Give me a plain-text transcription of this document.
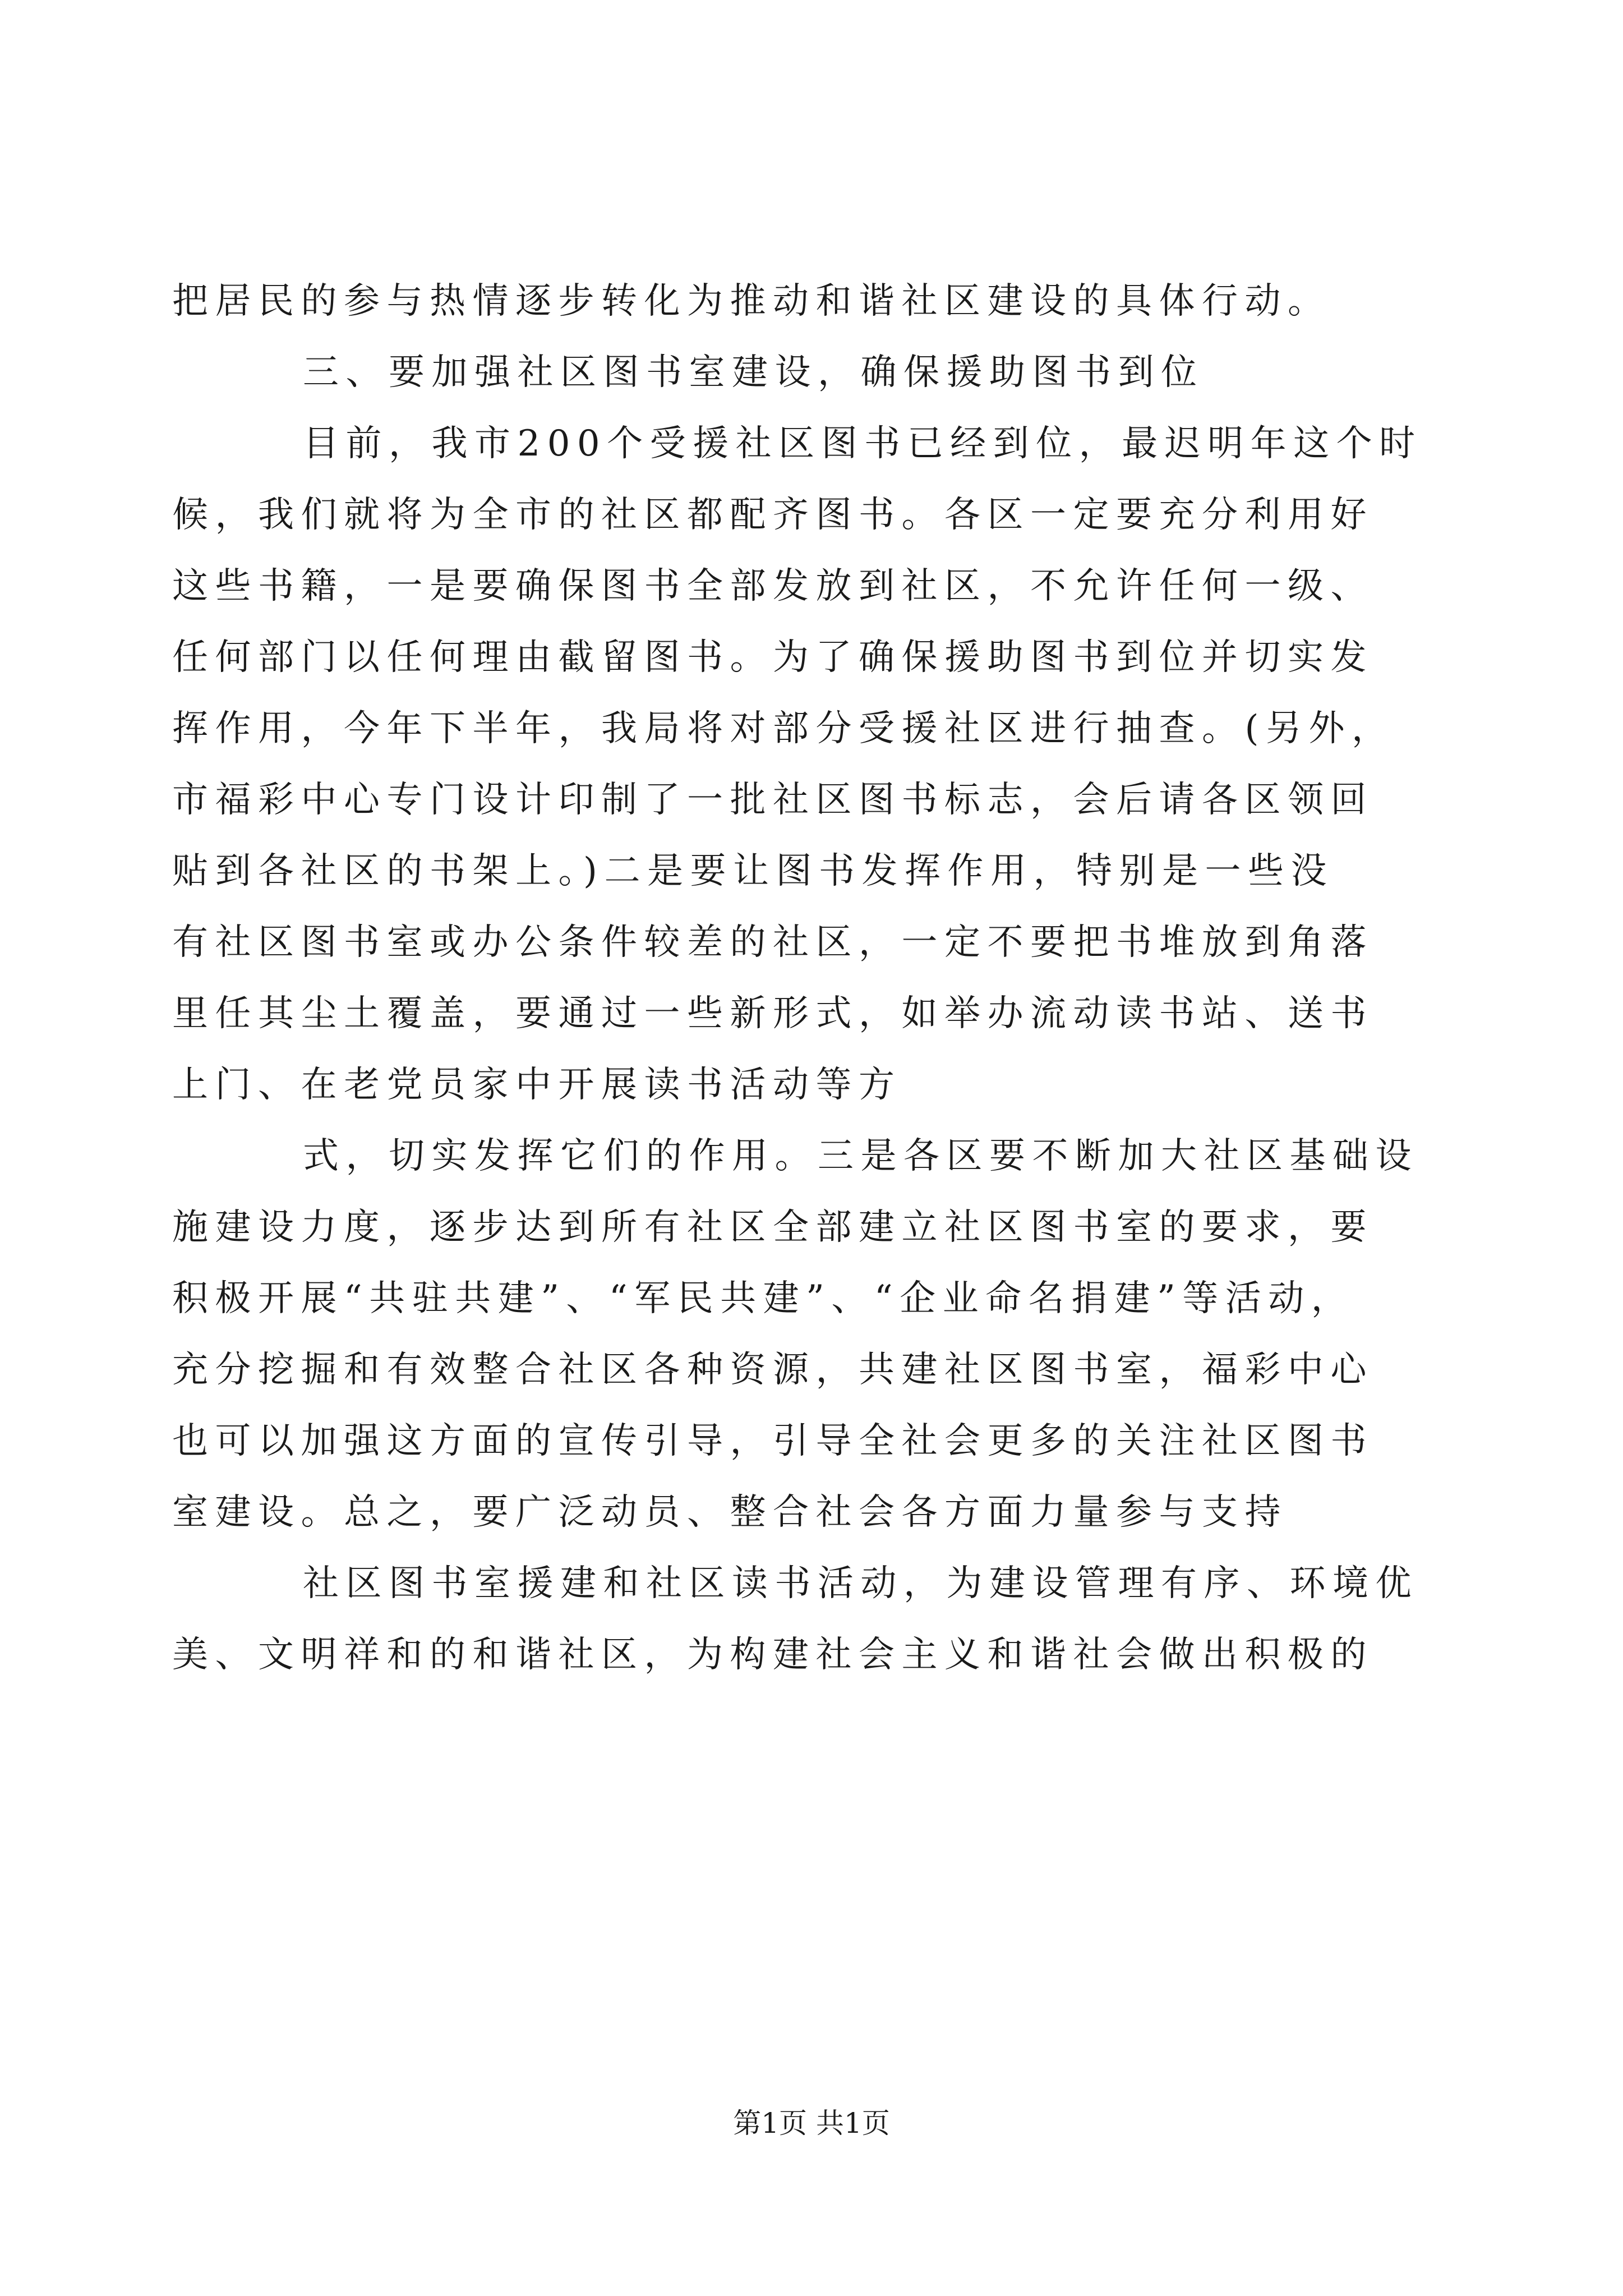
把居民的参与热情逐步转化为推动和谐社区建设的具体行动。
三、要加强社区图书室建设，确保援助图书到位
目前，我市200个受援社区图书已经到位，最迟明年这个时
候，我们就将为全市的社区都配齐图书。各区一定要充分利用好
这些书籍，一是要确保图书全部发放到社区，不允许任何一级、
任何部门以任何理由截留图书。为了确保援助图书到位并切实发
挥作用，今年下半年，我局将对部分受援社区进行抽查。(另外，
市福彩中心专门设计印制了一批社区图书标志，会后请各区领回
贴到各社区的书架上。)二是要让图书发挥作用，特别是一些没
有社区图书室或办公条件较差的社区，一定不要把书堆放到角落
里任其尘土覆盖，要通过一些新形式，如举办流动读书站、送书
上门、在老党员家中开展读书活动等方
式，切实发挥它们的作用。三是各区要不断加大社区基础设
施建设力度，逐步达到所有社区全部建立社区图书室的要求，要
积极开展“共驻共建”、“军民共建”、“企业命名捐建”等活动，
充分挖掘和有效整合社区各种资源，共建社区图书室，福彩中心
也可以加强这方面的宣传引导，引导全社会更多的关注社区图书
室建设。总之，要广泛动员、整合社会各方面力量参与支持
社区图书室援建和社区读书活动，为建设管理有序、环境优
美、文明祥和的和谐社区，为构建社会主义和谐社会做出积极的
第1页 共1页
